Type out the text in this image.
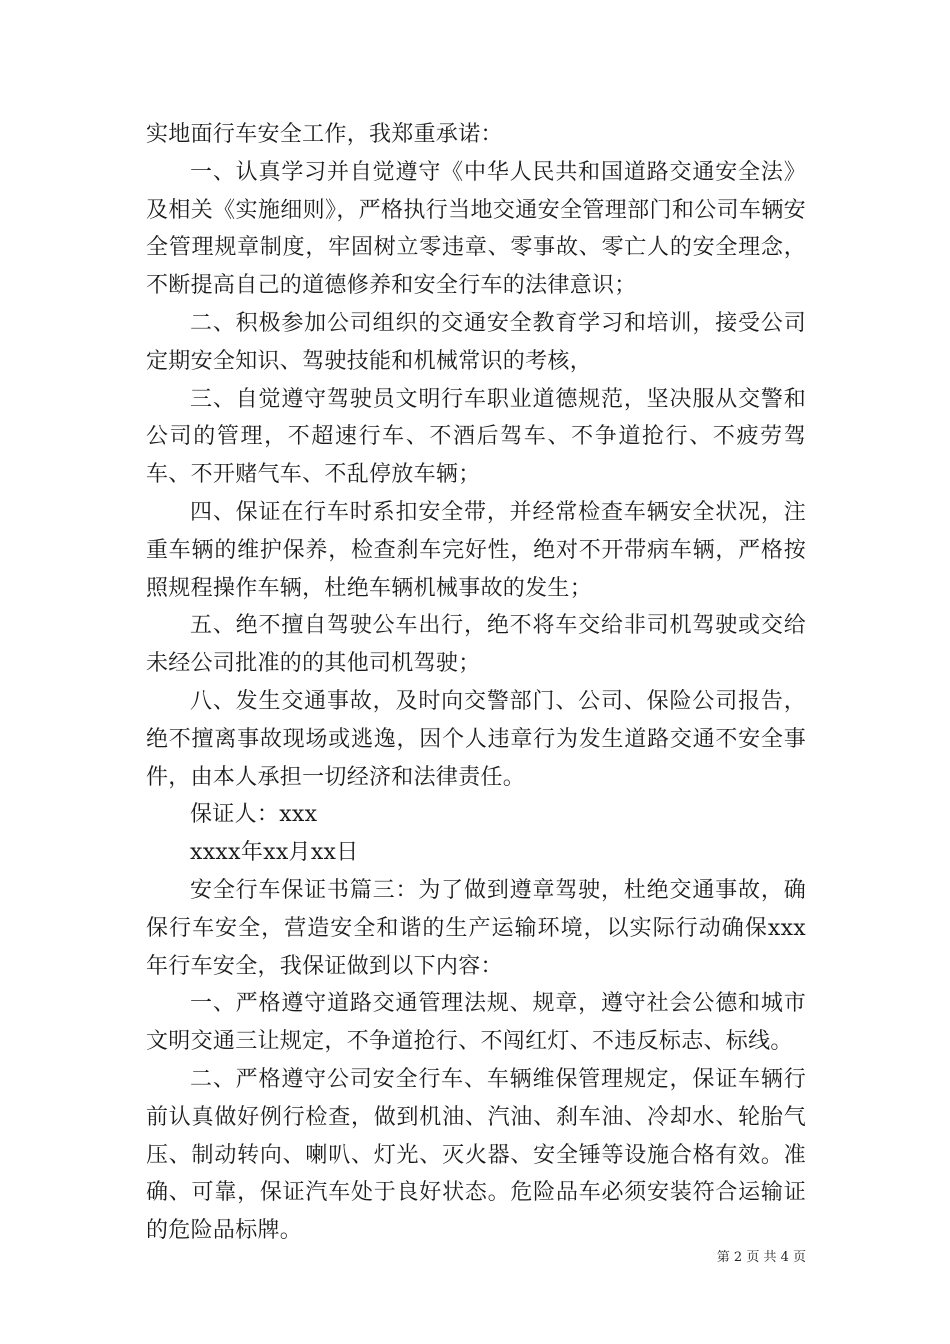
实地面行车安全工作，我郑重承诺：

一、认真学习并自觉遵守《中华人民共和国道路交通安全法》及相关《实施细则》，严格执行当地交通安全管理部门和公司车辆安全管理规章制度，牢固树立零违章、零事故、零亡人的安全理念，不断提高自己的道德修养和安全行车的法律意识；

二、积极参加公司组织的交通安全教育学习和培训，接受公司定期安全知识、驾驶技能和机械常识的考核，

三、自觉遵守驾驶员文明行车职业道德规范，坚决服从交警和公司的管理，不超速行车、不酒后驾车、不争道抢行、不疲劳驾车、不开赌气车、不乱停放车辆；

四、保证在行车时系扣安全带，并经常检查车辆安全状况，注重车辆的维护保养，检查刹车完好性，绝对不开带病车辆，严格按照规程操作车辆，杜绝车辆机械事故的发生；

五、绝不擅自驾驶公车出行，绝不将车交给非司机驾驶或交给未经公司批准的的其他司机驾驶；

八、发生交通事故，及时向交警部门、公司、保险公司报告，绝不擅离事故现场或逃逸，因个人违章行为发生道路交通不安全事件，由本人承担一切经济和法律责任。

保证人：xxx

xxxx年xx月xx日

安全行车保证书篇三：为了做到遵章驾驶，杜绝交通事故，确保行车安全，营造安全和谐的生产运输环境，以实际行动确保xxx年行车安全，我保证做到以下内容：

一、严格遵守道路交通管理法规、规章，遵守社会公德和城市文明交通三让规定，不争道抢行、不闯红灯、不违反标志、标线。

二、严格遵守公司安全行车、车辆维保管理规定，保证车辆行前认真做好例行检查，做到机油、汽油、刹车油、冷却水、轮胎气压、制动转向、喇叭、灯光、灭火器、安全锤等设施合格有效。准确、可靠，保证汽车处于良好状态。危险品车必须安装符合运输证的危险品标牌。

第 2 页 共 4 页
